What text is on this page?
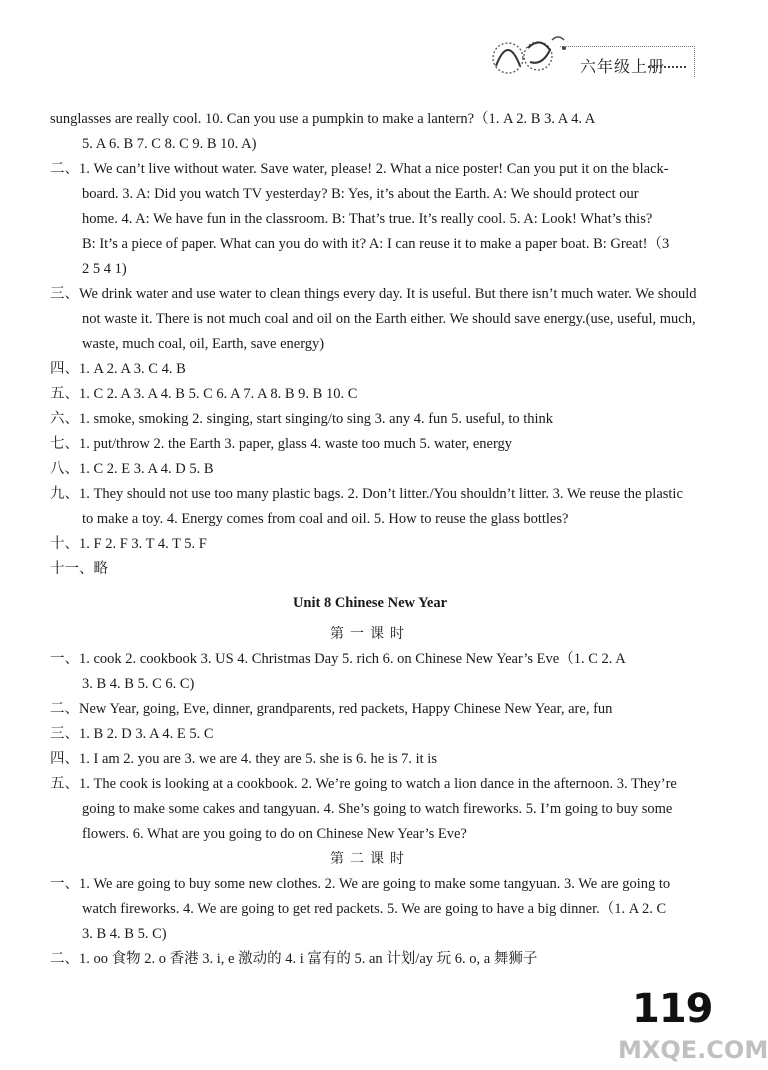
六年级上册
sunglasses are really cool. 10. Can you use a pumpkin to make a lantern?（1. A 2. B 3. A 4. A
5. A 6. B 7. C 8. C 9. B 10. A)
二、1. We can’t live without water. Save water, please! 2. What a nice poster! Can you put it on the black-
board. 3. A: Did you watch TV yesterday? B: Yes, it’s about the Earth. A: We should protect our
home. 4. A: We have fun in the classroom. B: That’s true. It’s really cool. 5. A: Look! What’s this?
B: It’s a piece of paper. What can you do with it? A: I can reuse it to make a paper boat. B: Great!（3
2 5 4 1)
三、We drink water and use water to clean things every day. It is useful. But there isn’t much water. We should
not waste it. There is not much coal and oil on the Earth either. We should save energy.(use, useful, much,
waste, much coal, oil, Earth, save energy)
四、1. A 2. A 3. C 4. B
五、1. C 2. A 3. A 4. B 5. C 6. A 7. A 8. B 9. B 10. C
六、1. smoke, smoking 2. singing, start singing/to sing 3. any 4. fun 5. useful, to think
七、1. put/throw 2. the Earth 3. paper, glass 4. waste too much 5. water, energy
八、1. C 2. E 3. A 4. D 5. B
九、1. They should not use too many plastic bags. 2. Don’t litter./You shouldn’t litter. 3. We reuse the plastic
to make a toy. 4. Energy comes from coal and oil. 5. How to reuse the glass bottles?
十、1. F 2. F 3. T 4. T 5. F
十一、略
Unit 8 Chinese New Year
第一课时
一、1. cook 2. cookbook 3. US 4. Christmas Day 5. rich 6. on Chinese New Year’s Eve（1. C 2. A
3. B 4. B 5. C 6. C)
二、New Year, going, Eve, dinner, grandparents, red packets, Happy Chinese New Year, are, fun
三、1. B 2. D 3. A 4. E 5. C
四、1. I am 2. you are 3. we are 4. they are 5. she is 6. he is 7. it is
五、1. The cook is looking at a cookbook. 2. We’re going to watch a lion dance in the afternoon. 3. They’re
going to make some cakes and tangyuan. 4. She’s going to watch fireworks. 5. I’m going to buy some
flowers. 6. What are you going to do on Chinese New Year’s Eve?
第二课时
一、1. We are going to buy some new clothes. 2. We are going to make some tangyuan. 3. We are going to
watch fireworks. 4. We are going to get red packets. 5. We are going to have a big dinner.（1. A 2. C
3. B 4. B 5. C)
二、1. oo 食物 2. o 香港 3. i, e 激动的 4. i 富有的 5. an 计划/ay 玩 6. o, a 舞狮子
119
MXQE.COM
